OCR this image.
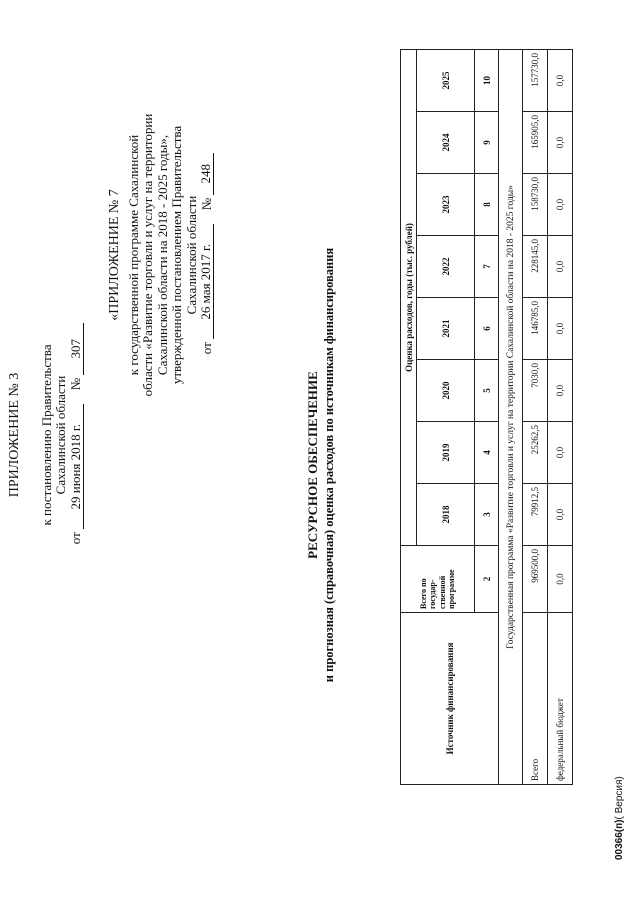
ПРИЛОЖЕНИЕ № 3 к постановлению Правительства Сахалинской области
от
29 июня 2018 г.
№
307
«ПРИЛОЖЕНИЕ № 7 к государственной программе Сахалинской области «Развитие торговли и услуг на территории Сахалинской области на 2018 - 2025 годы», утвержденной постановлением Правительства Сахалинской области
от
26 мая 2017 г.
№
248
РЕСУРСНОЕ ОБЕСПЕЧЕНИЕ и прогнозная (справочная) оценка расходов по источникам финансирования
Источник финансирования	Всего по государ-ственной программе	Оценка расходов, годы (тыс. рублей)							
		2018	2019	2020	2021	2022	2023	2024	2025
	2	3	4	5	6	7	8	9	10
Государственная программа «Развитие торговли и услуг на территории Сахалинской области на 2018 - 2025 годы»									
Всего	969500,0	79912,5	25262,5	7030,0	146785,0	228145,0	158730,0	165905,0	157730,0
федеральный бюджет	0,0	0,0	0,0	0,0	0,0	0,0	0,0	0,0	0,0
00366(п)( Версия)
